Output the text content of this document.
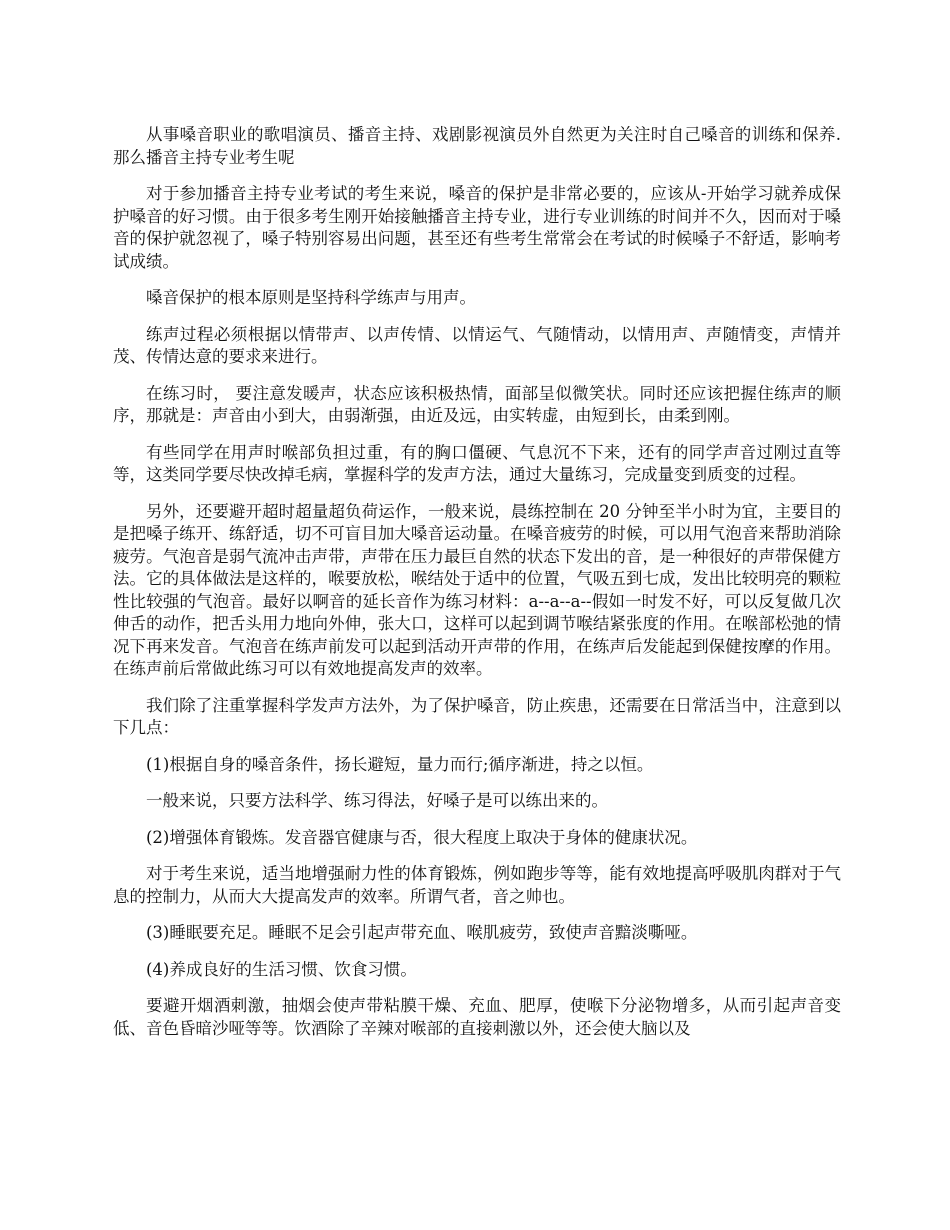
从事嗓音职业的歌唱演员、播音主持、戏剧影视演员外自然更为关注时自己嗓音的训练和保养.那么播音主持专业考生呢

对于参加播音主持专业考试的考生来说，嗓音的保护是非常必要的，应该从-开始学习就养成保护嗓音的好习惯。由于很多考生刚开始接触播音主持专业，进行专业训练的时间并不久，因而对于嗓音的保护就忽视了，嗓子特别容易出问题，甚至还有些考生常常会在考试的时候嗓子不舒适，影响考试成绩。

嗓音保护的根本原则是坚持科学练声与用声。

练声过程必须根据以情带声、以声传情、以情运气、气随情动，以情用声、声随情变，声情并茂、传情达意的要求来进行。

在练习时， 要注意发暖声，状态应该积极热情，面部呈似微笑状。同时还应该把握住练声的顺序，那就是：声音由小到大，由弱渐强，由近及远，由实转虚，由短到长，由柔到刚。

有些同学在用声时喉部负担过重，有的胸口僵硬、气息沉不下来，还有的同学声音过刚过直等等，这类同学要尽快改掉毛病，掌握科学的发声方法，通过大量练习，完成量变到质变的过程。

另外，还要避开超时超量超负荷运作，一般来说，晨练控制在 20 分钟至半小时为宜，主要目的是把嗓子练开、练舒适，切不可盲目加大嗓音运动量。在嗓音疲劳的时候，可以用气泡音来帮助消除疲劳。气泡音是弱气流冲击声带，声带在压力最巨自然的状态下发出的音，是一种很好的声带保健方法。它的具体做法是这样的，喉要放松，喉结处于适中的位置，气吸五到七成，发出比较明亮的颗粒性比较强的气泡音。最好以啊音的延长音作为练习材料：a--a--a--假如一时发不好，可以反复做几次伸舌的动作，把舌头用力地向外伸，张大口，这样可以起到调节喉结紧张度的作用。在喉部松弛的情况下再来发音。气泡音在练声前发可以起到活动开声带的作用，在练声后发能起到保健按摩的作用。在练声前后常做此练习可以有效地提高发声的效率。

我们除了注重掌握科学发声方法外，为了保护嗓音，防止疾患，还需要在日常活当中，注意到以下几点：

(1)根据自身的嗓音条件，扬长避短，量力而行;循序渐进，持之以恒。

一般来说，只要方法科学、练习得法，好嗓子是可以练出来的。

(2)增强体育锻炼。发音器官健康与否，很大程度上取决于身体的健康状况。

对于考生来说，适当地增强耐力性的体育锻炼，例如跑步等等，能有效地提高呼吸肌肉群对于气息的控制力，从而大大提高发声的效率。所谓气者，音之帅也。

(3)睡眠要充足。睡眠不足会引起声带充血、喉肌疲劳，致使声音黯淡嘶哑。

(4)养成良好的生活习惯、饮食习惯。

要避开烟酒刺激，抽烟会使声带粘膜干燥、充血、肥厚，使喉下分泌物增多，从而引起声音变低、音色昏暗沙哑等等。饮酒除了辛辣对喉部的直接刺激以外，还会使大脑以及
